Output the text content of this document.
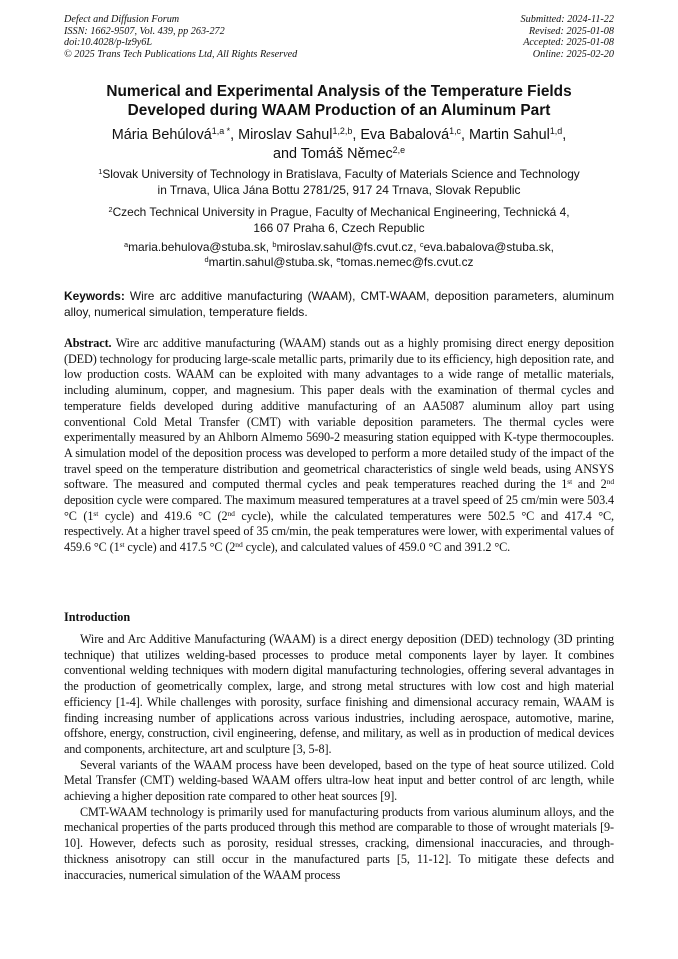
Defect and Diffusion Forum
ISSN: 1662-9507, Vol. 439, pp 263-272
doi:10.4028/p-lz9y6L
© 2025 Trans Tech Publications Ltd, All Rights Reserved
Submitted: 2024-11-22
Revised: 2025-01-08
Accepted: 2025-01-08
Online: 2025-02-20
Numerical and Experimental Analysis of the Temperature Fields
Developed during WAAM Production of an Aluminum Part
Mária Behúlová$^{1,a *}$, Miroslav Sahul$^{1,2,b}$, Eva Babalová$^{1,c}$, Martin Sahul$^{1,d}$,
and Tomáš Němec$^{2,e}$
$^1$Slovak University of Technology in Bratislava, Faculty of Materials Science and Technology
in Trnava, Ulica Jána Bottu 2781/25, 917 24 Trnava, Slovak Republic
$^2$Czech Technical University in Prague, Faculty of Mechanical Engineering, Technická 4,
166 07 Praha 6, Czech Republic
$^a$maria.behulova@stuba.sk, $^b$miroslav.sahul@fs.cvut.cz, $^c$eva.babalova@stuba.sk,
$^d$martin.sahul@stuba.sk, $^e$tomas.nemec@fs.cvut.cz
Keywords: Wire arc additive manufacturing (WAAM), CMT-WAAM, deposition parameters, aluminum alloy, numerical simulation, temperature fields.
Abstract. Wire arc additive manufacturing (WAAM) stands out as a highly promising direct energy deposition (DED) technology for producing large-scale metallic parts, primarily due to its efficiency, high deposition rate, and low production costs. WAAM can be exploited with many advantages to a wide range of metallic materials, including aluminum, copper, and magnesium. This paper deals with the examination of thermal cycles and temperature fields developed during additive manufacturing of an AA5087 aluminum alloy part using conventional Cold Metal Transfer (CMT) with variable deposition parameters. The thermal cycles were experimentally measured by an Ahlborn Almemo 5690-2 measuring station equipped with K-type thermocouples. A simulation model of the deposition process was developed to perform a more detailed study of the impact of the travel speed on the temperature distribution and geometrical characteristics of single weld beads, using ANSYS software. The measured and computed thermal cycles and peak temperatures reached during the 1st and 2nd deposition cycle were compared. The maximum measured temperatures at a travel speed of 25 cm/min were 503.4 °C (1st cycle) and 419.6 °C (2nd cycle), while the calculated temperatures were 502.5 °C and 417.4 °C, respectively. At a higher travel speed of 35 cm/min, the peak temperatures were lower, with experimental values of 459.6 °C (1st cycle) and 417.5 °C (2nd cycle), and calculated values of 459.0 °C and 391.2 °C.
Introduction

Wire and Arc Additive Manufacturing (WAAM) is a direct energy deposition (DED) technology (3D printing technique) that utilizes welding-based processes to produce metal components layer by layer. It combines conventional welding techniques with modern digital manufacturing technologies, offering several advantages in the production of geometrically complex, large, and strong metal structures with low cost and high material efficiency [1-4]. While challenges with porosity, surface finishing and dimensional accuracy remain, WAAM is finding increasing number of applications across various industries, including aerospace, automotive, marine, offshore, energy, construction, civil engineering, defense, and military, as well as in production of medical devices and components, architecture, art and sculpture [3, 5-8].

Several variants of the WAAM process have been developed, based on the type of heat source utilized. Cold Metal Transfer (CMT) welding-based WAAM offers ultra-low heat input and better control of arc length, while achieving a higher deposition rate compared to other heat sources [9].

CMT-WAAM technology is primarily used for manufacturing products from various aluminum alloys, and the mechanical properties of the parts produced through this method are comparable to those of wrought materials [9-10]. However, defects such as porosity, residual stresses, cracking, dimensional inaccuracies, and through-thickness anisotropy can still occur in the manufactured parts [5, 11-12]. To mitigate these defects and inaccuracies, numerical simulation of the WAAM process
